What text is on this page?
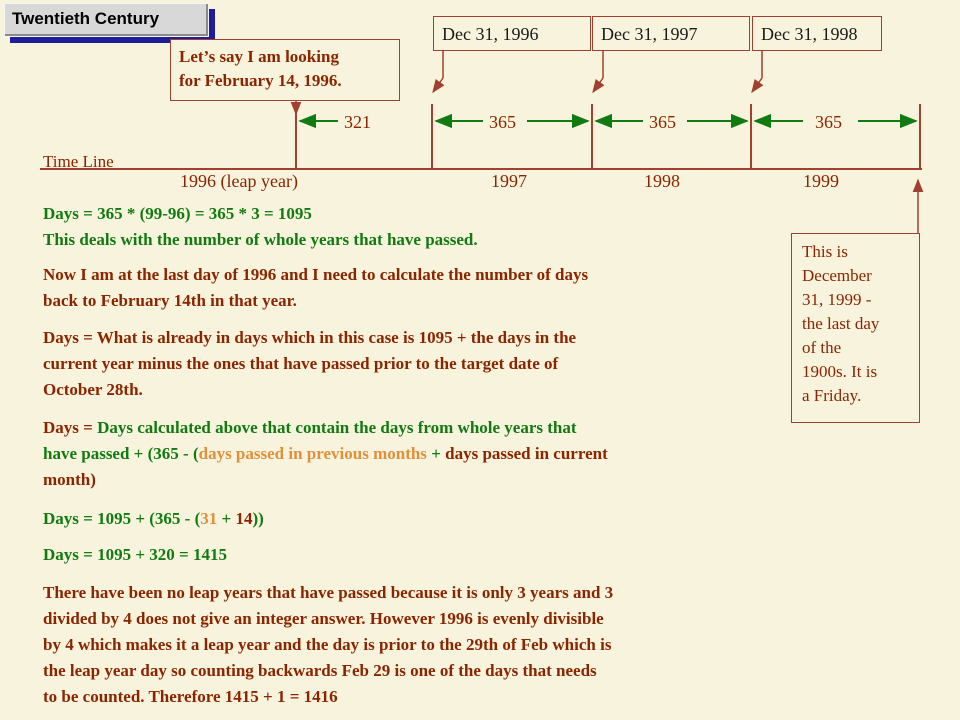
Twentieth Century
Dec 31, 1996	Dec 31, 1997	Dec 31, 1998
Let’s say I am looking
for February 14, 1996.
321	365	365	365
Time Line
1996 (leap year)	1997	1998	1999
This is
December
31, 1999 -
the last day
of the
1900s. It is
a Friday.
Days = 365 * (99-96) = 365 * 3 = 1095
This deals with the number of whole years that have passed.
Now I am at the last day of 1996 and I need to calculate the number of days
back to February 14th in that year.
Days = What is already in days which in this case is 1095 + the days in the
current year minus the ones that have passed prior to the target date of
October 28th.
Days = Days calculated above that contain the days from whole years that
have passed + (365 - (days passed in previous months + days passed in current
month)
Days = 1095 + (365 - (31 + 14))
Days = 1095 + 320 = 1415
There have been no leap years that have passed because it is only 3 years and 3
divided by 4 does not give an integer answer. However 1996 is evenly divisible
by 4 which makes it a leap year and the day is prior to the 29th of Feb which is
the leap year day so counting backwards Feb 29 is one of the days that needs
to be counted. Therefore 1415 + 1 = 1416
